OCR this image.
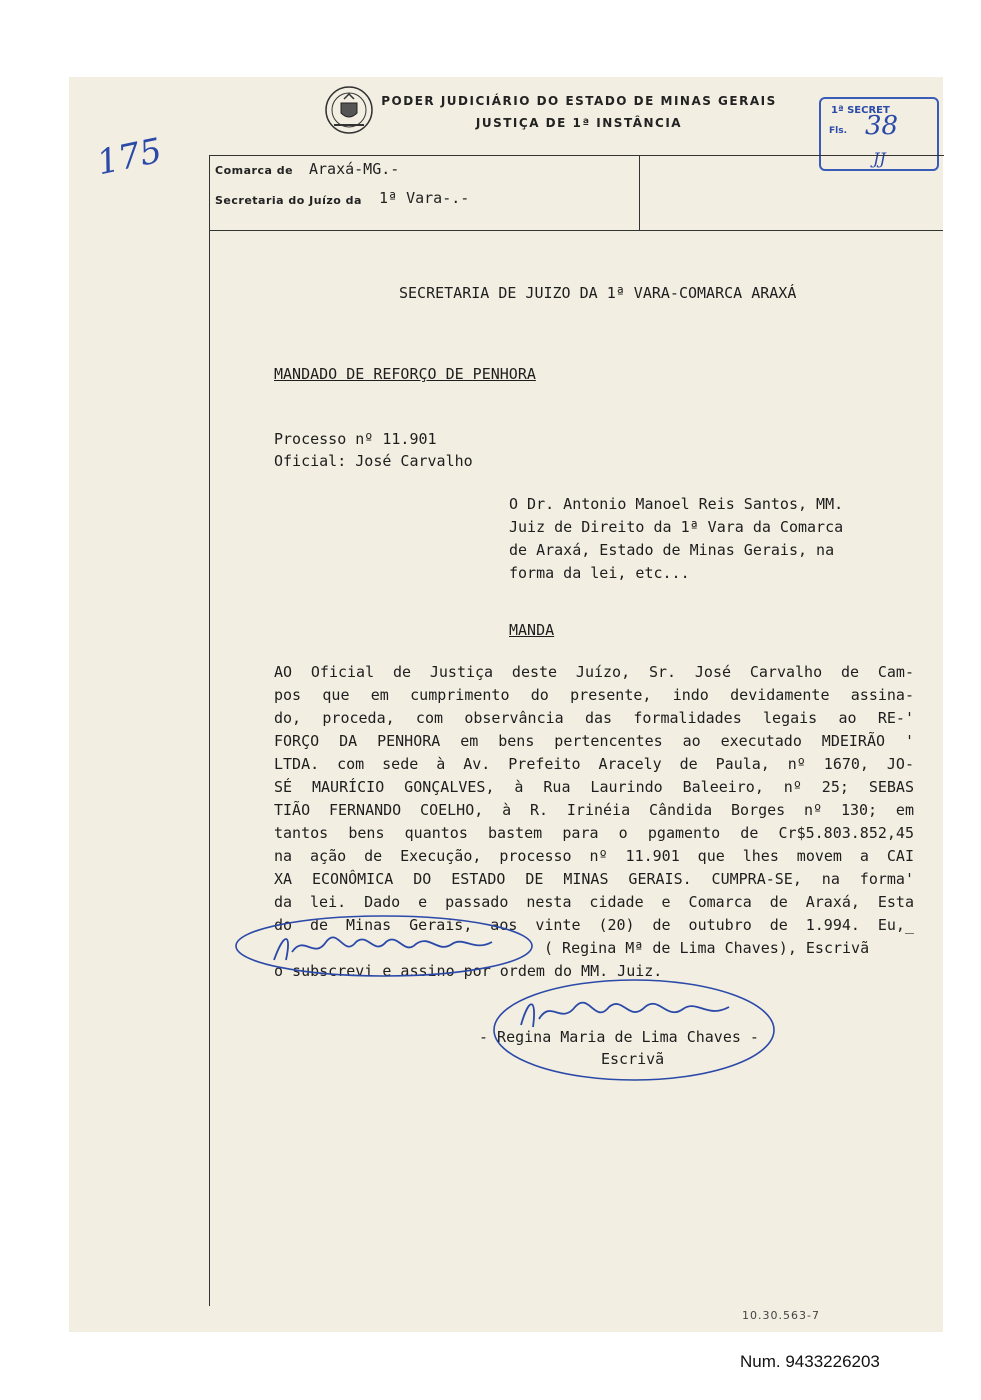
PODER JUDICIÁRIO DO ESTADO DE MINAS GERAIS
JUSTIÇA DE 1ª INSTÂNCIA
1ª SECRET
Fls. 38
JJ
175	Comarca de Araxá-MG.-
Secretaria do Juízo da 1ª Vara-.-
SECRETARIA DE JUIZO DA 1ª VARA-COMARCA ARAXÁ
MANDADO DE REFORÇO DE PENHORA
Processo nº 11.901
Oficial: José Carvalho
O Dr. Antonio Manoel Reis Santos, MM.
Juiz de Direito da 1ª Vara da Comarca
de Araxá, Estado de Minas Gerais, na
forma da lei, etc...
MANDA
AO Oficial de Justiça deste Juízo, Sr. José Carvalho de Cam-
pos que em cumprimento do presente, indo devidamente assina-
do, proceda, com observância das formalidades legais ao RE-'
FORÇO DA PENHORA em bens pertencentes ao executado MDEIRÃO '
LTDA. com sede à Av. Prefeito Aracely de Paula, nº 1670, JO-
SÉ MAURÍCIO GONÇALVES, à Rua Laurindo Baleeiro, nº 25; SEBAS
TIÃO FERNANDO COELHO, à R. Irinéia Cândida Borges nº 130; em
tantos bens quantos bastem para o pgamento de Cr$5.803.852,45
na ação de Execução, processo nº 11.901 que lhes movem a CAI
XA ECONÔMICA DO ESTADO DE MINAS GERAIS. CUMPRA-SE, na forma'
da lei. Dado e passado nesta cidade e Comarca de Araxá, Esta
do de Minas Gerais, aos vinte (20) de outubro de 1.994. Eu,_
( Regina Mª de Lima Chaves), Escrivã
o subscrevi e assino por ordem do MM. Juiz.
- Regina Maria de Lima Chaves -
Escrivã
10.30.563-7
Num. 9433226203
